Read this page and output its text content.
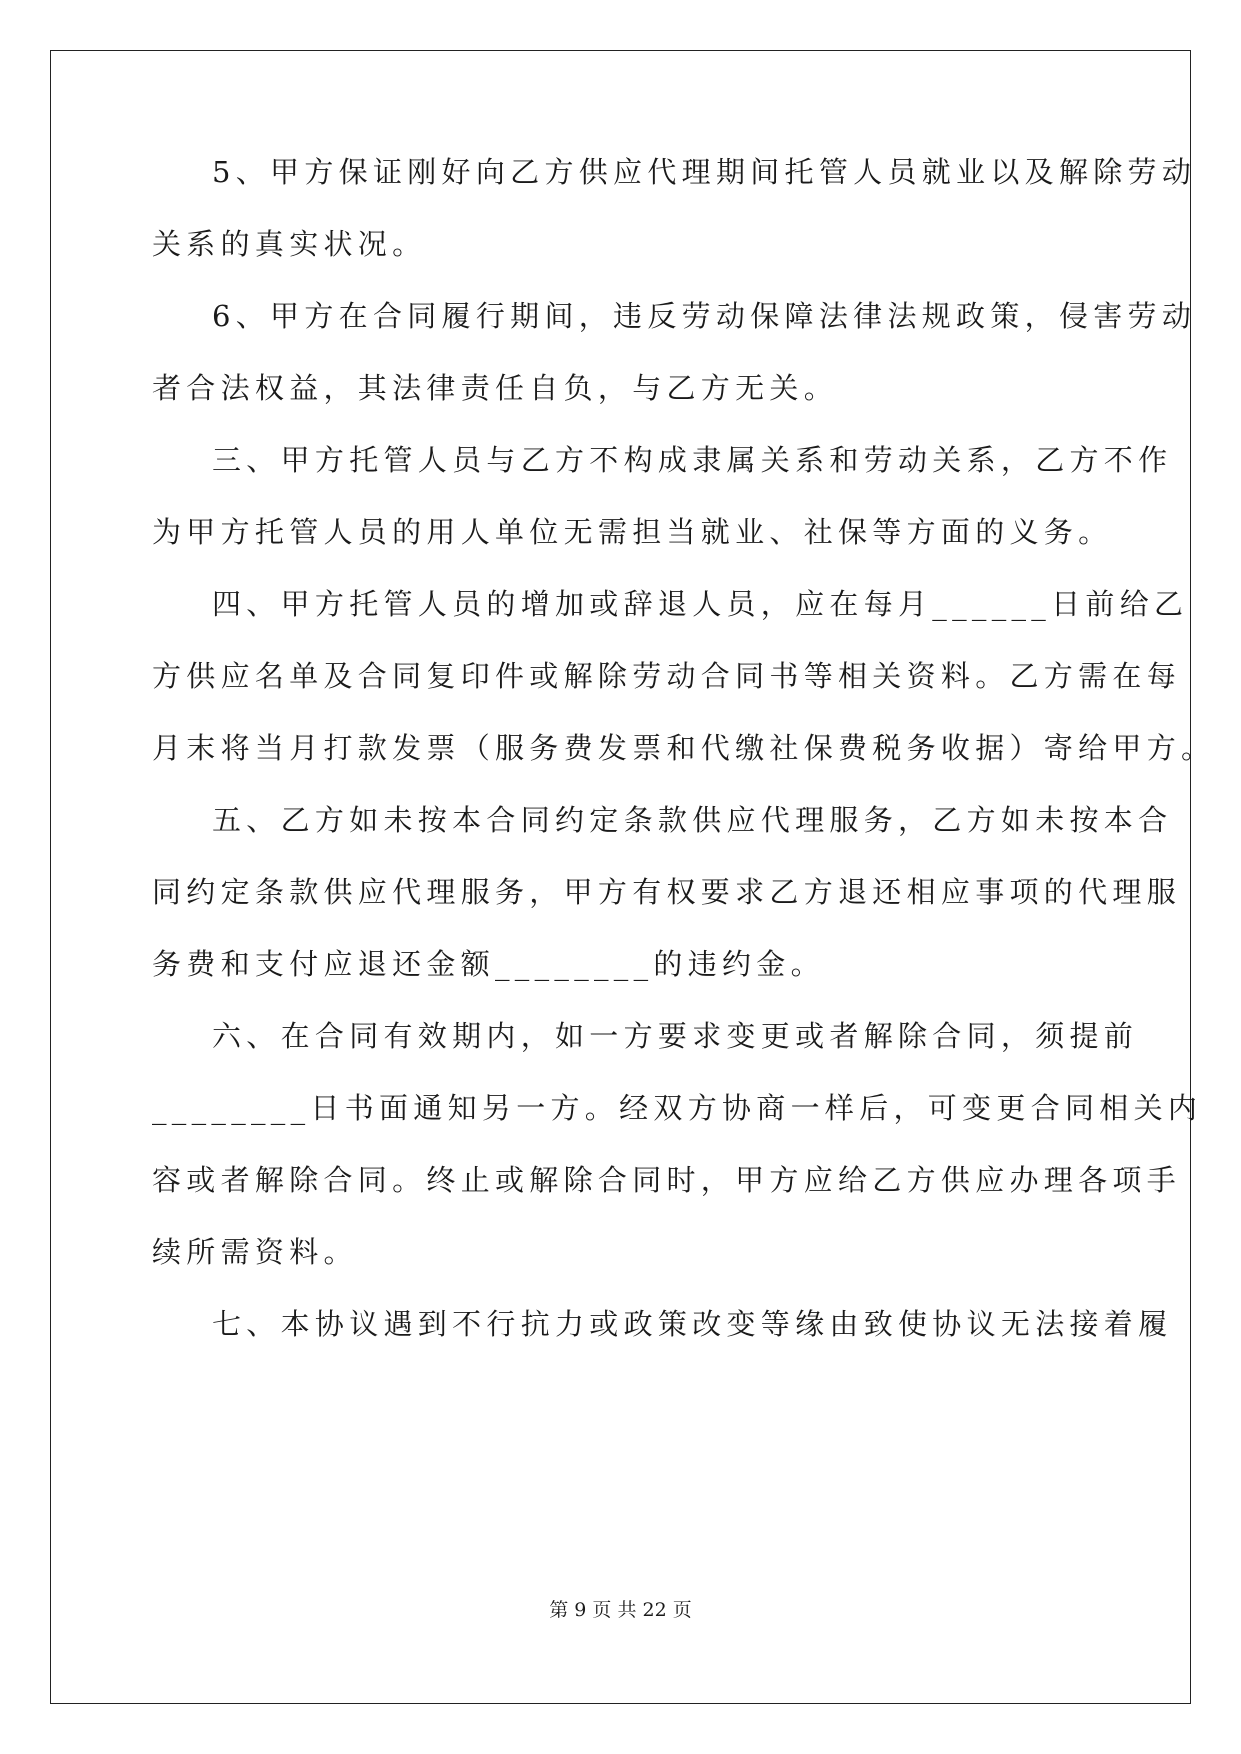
5、甲方保证刚好向乙方供应代理期间托管人员就业以及解除劳动
关系的真实状况。
6、甲方在合同履行期间，违反劳动保障法律法规政策，侵害劳动
者合法权益，其法律责任自负，与乙方无关。
三、甲方托管人员与乙方不构成隶属关系和劳动关系，乙方不作
为甲方托管人员的用人单位无需担当就业、社保等方面的义务。
四、甲方托管人员的增加或辞退人员，应在每月______日前给乙
方供应名单及合同复印件或解除劳动合同书等相关资料。乙方需在每
月末将当月打款发票（服务费发票和代缴社保费税务收据）寄给甲方。
五、乙方如未按本合同约定条款供应代理服务，乙方如未按本合
同约定条款供应代理服务，甲方有权要求乙方退还相应事项的代理服
务费和支付应退还金额________的违约金。
六、在合同有效期内，如一方要求变更或者解除合同，须提前
________日书面通知另一方。经双方协商一样后，可变更合同相关内
容或者解除合同。终止或解除合同时，甲方应给乙方供应办理各项手
续所需资料。
七、本协议遇到不行抗力或政策改变等缘由致使协议无法接着履
第 9 页 共 22 页
